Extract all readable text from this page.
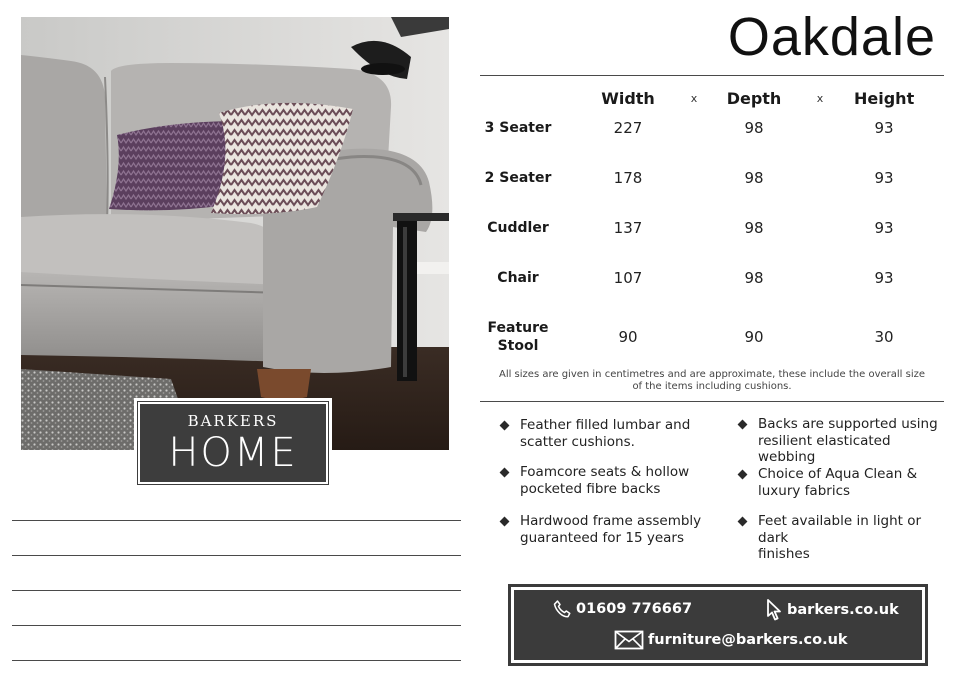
BARKERS
HOME
Oakdale
Width	x	Depth	x	Height
3 Seater	227	98	93
2 Seater	178	98	93
Cuddler	137	98	93
Chair	107	98	93
Feature
Stool	90	90	30
All sizes are given in centimetres and are approximate, these include the overall size
of the items including cushions.
Feather filled lumbar and
scatter cushions.
Backs are supported using
resilient elasticated webbing
Foamcore seats & hollow
pocketed fibre backs
Choice of Aqua Clean &
luxury fabrics
Hardwood frame assembly
guaranteed for 15 years
Feet available in light or dark
finishes
01609 776667	barkers.co.uk
furniture@barkers.co.uk
